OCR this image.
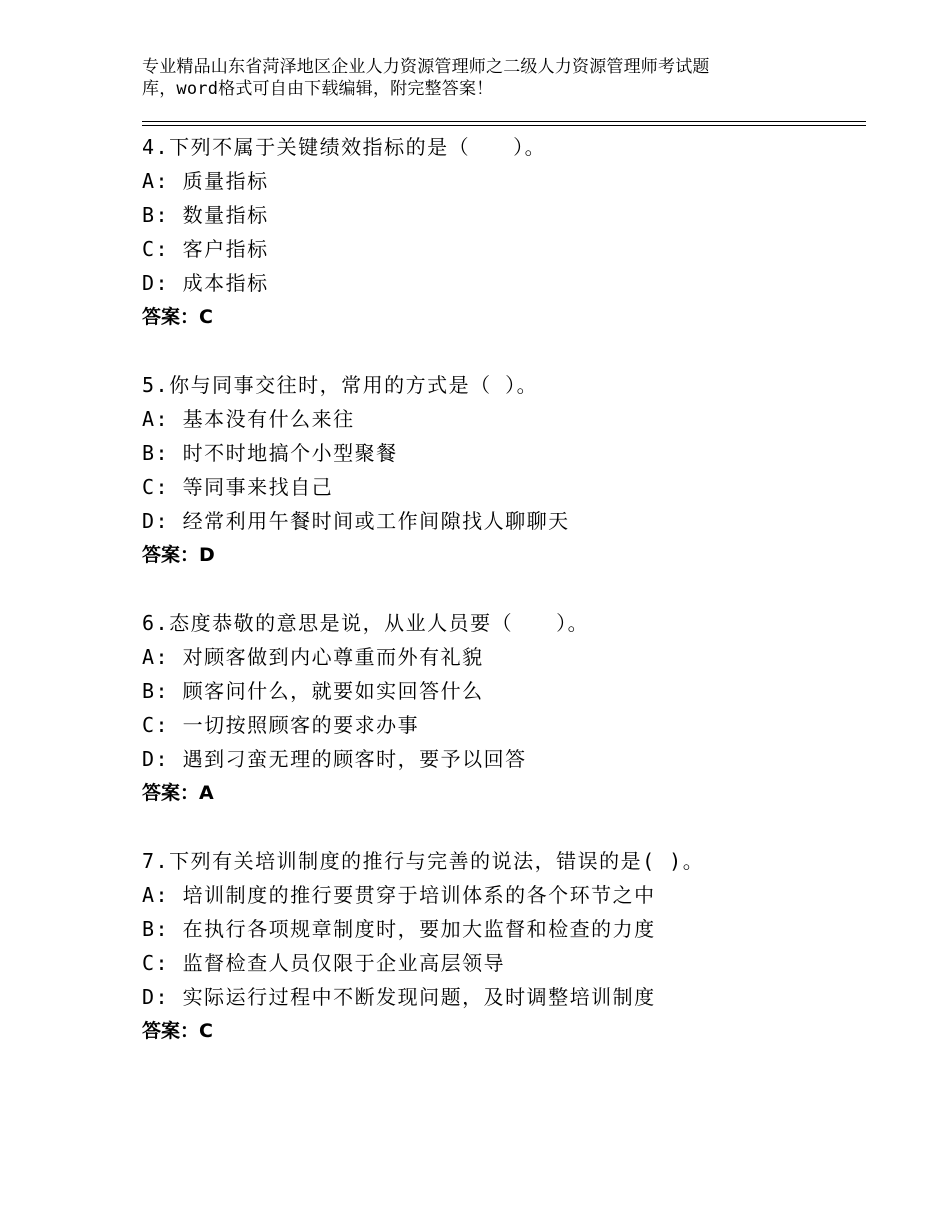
专业精品山东省菏泽地区企业人力资源管理师之二级人力资源管理师考试题
库，word格式可自由下载编辑，附完整答案！
4.下列不属于关键绩效指标的是（　　）。
A: 质量指标
B: 数量指标
C: 客户指标
D: 成本指标
答案：C
5.你与同事交往时，常用的方式是（ ）。
A: 基本没有什么来往
B: 时不时地搞个小型聚餐
C: 等同事来找自己
D: 经常利用午餐时间或工作间隙找人聊聊天
答案：D
6.态度恭敬的意思是说，从业人员要（　　）。
A: 对顾客做到内心尊重而外有礼貌
B: 顾客问什么，就要如实回答什么
C: 一切按照顾客的要求办事
D: 遇到刁蛮无理的顾客时，要予以回答
答案：A
7.下列有关培训制度的推行与完善的说法，错误的是( )。
A: 培训制度的推行要贯穿于培训体系的各个环节之中
B: 在执行各项规章制度时，要加大监督和检查的力度
C: 监督检查人员仅限于企业高层领导
D: 实际运行过程中不断发现问题，及时调整培训制度
答案：C
